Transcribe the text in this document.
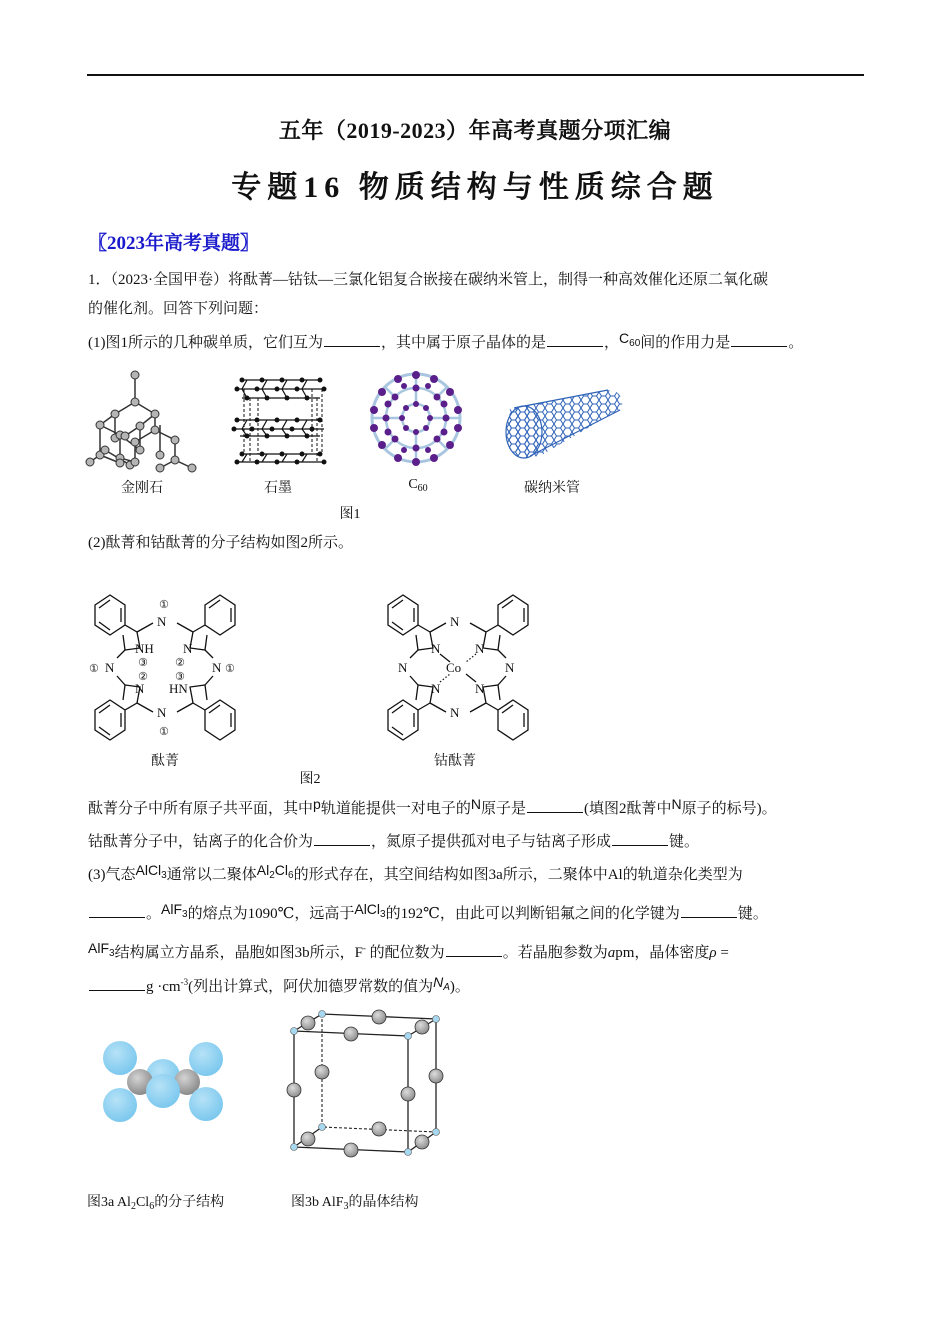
五年（2019-2023）年高考真题分项汇编
专题16 物质结构与性质综合题
〖2023年高考真题〗
1．（2023·全国甲卷）将酞菁—钴钛—三氯化铝复合嵌接在碳纳米管上，制得一种高效催化还原二氧化碳
的催化剂。回答下列问题：
(1)图1所示的几种碳单质，它们互为	，其中属于原子晶体的是	，$C_{60}$间的作用力是	。
金刚石	石墨	$C_{60}$	碳纳米管
图1
(2)酞菁和钴酞菁的分子结构如图2所示。
N
N
N	N
NH N
N HN
①
①
①	①
③
②
②
③
酞菁
N
N
N	N
N	N
N	N
Co
钴酞菁
图2
酞菁分子中所有原子共平面，其中p轨道能提供一对电子的N原子是	(填图2酞菁中N原子的标号)。
钴酞菁分子中，钴离子的化合价为	，氮原子提供孤对电子与钴离子形成	键。
(3)气态AlCl$_3$通常以二聚体$Al_2Cl_6$的形式存在，其空间结构如图3a所示，二聚体中Al的轨道杂化类型为
。AlF$_3$的熔点为1090℃，远高于AlCl$_3$的192℃，由此可以判断铝氟之间的化学键为	键。
AlF$_3$结构属立方晶系，晶胞如图3b所示，F- 的配位数为	。若晶胞参数为apm，晶体密度ρ =
$g \cdot cm^{-3}$(列出计算式，阿伏加德罗常数的值为$N_A$)。
图3a $Al_2Cl_6$的分子结构	图3b AlF$_3$的晶体结构
